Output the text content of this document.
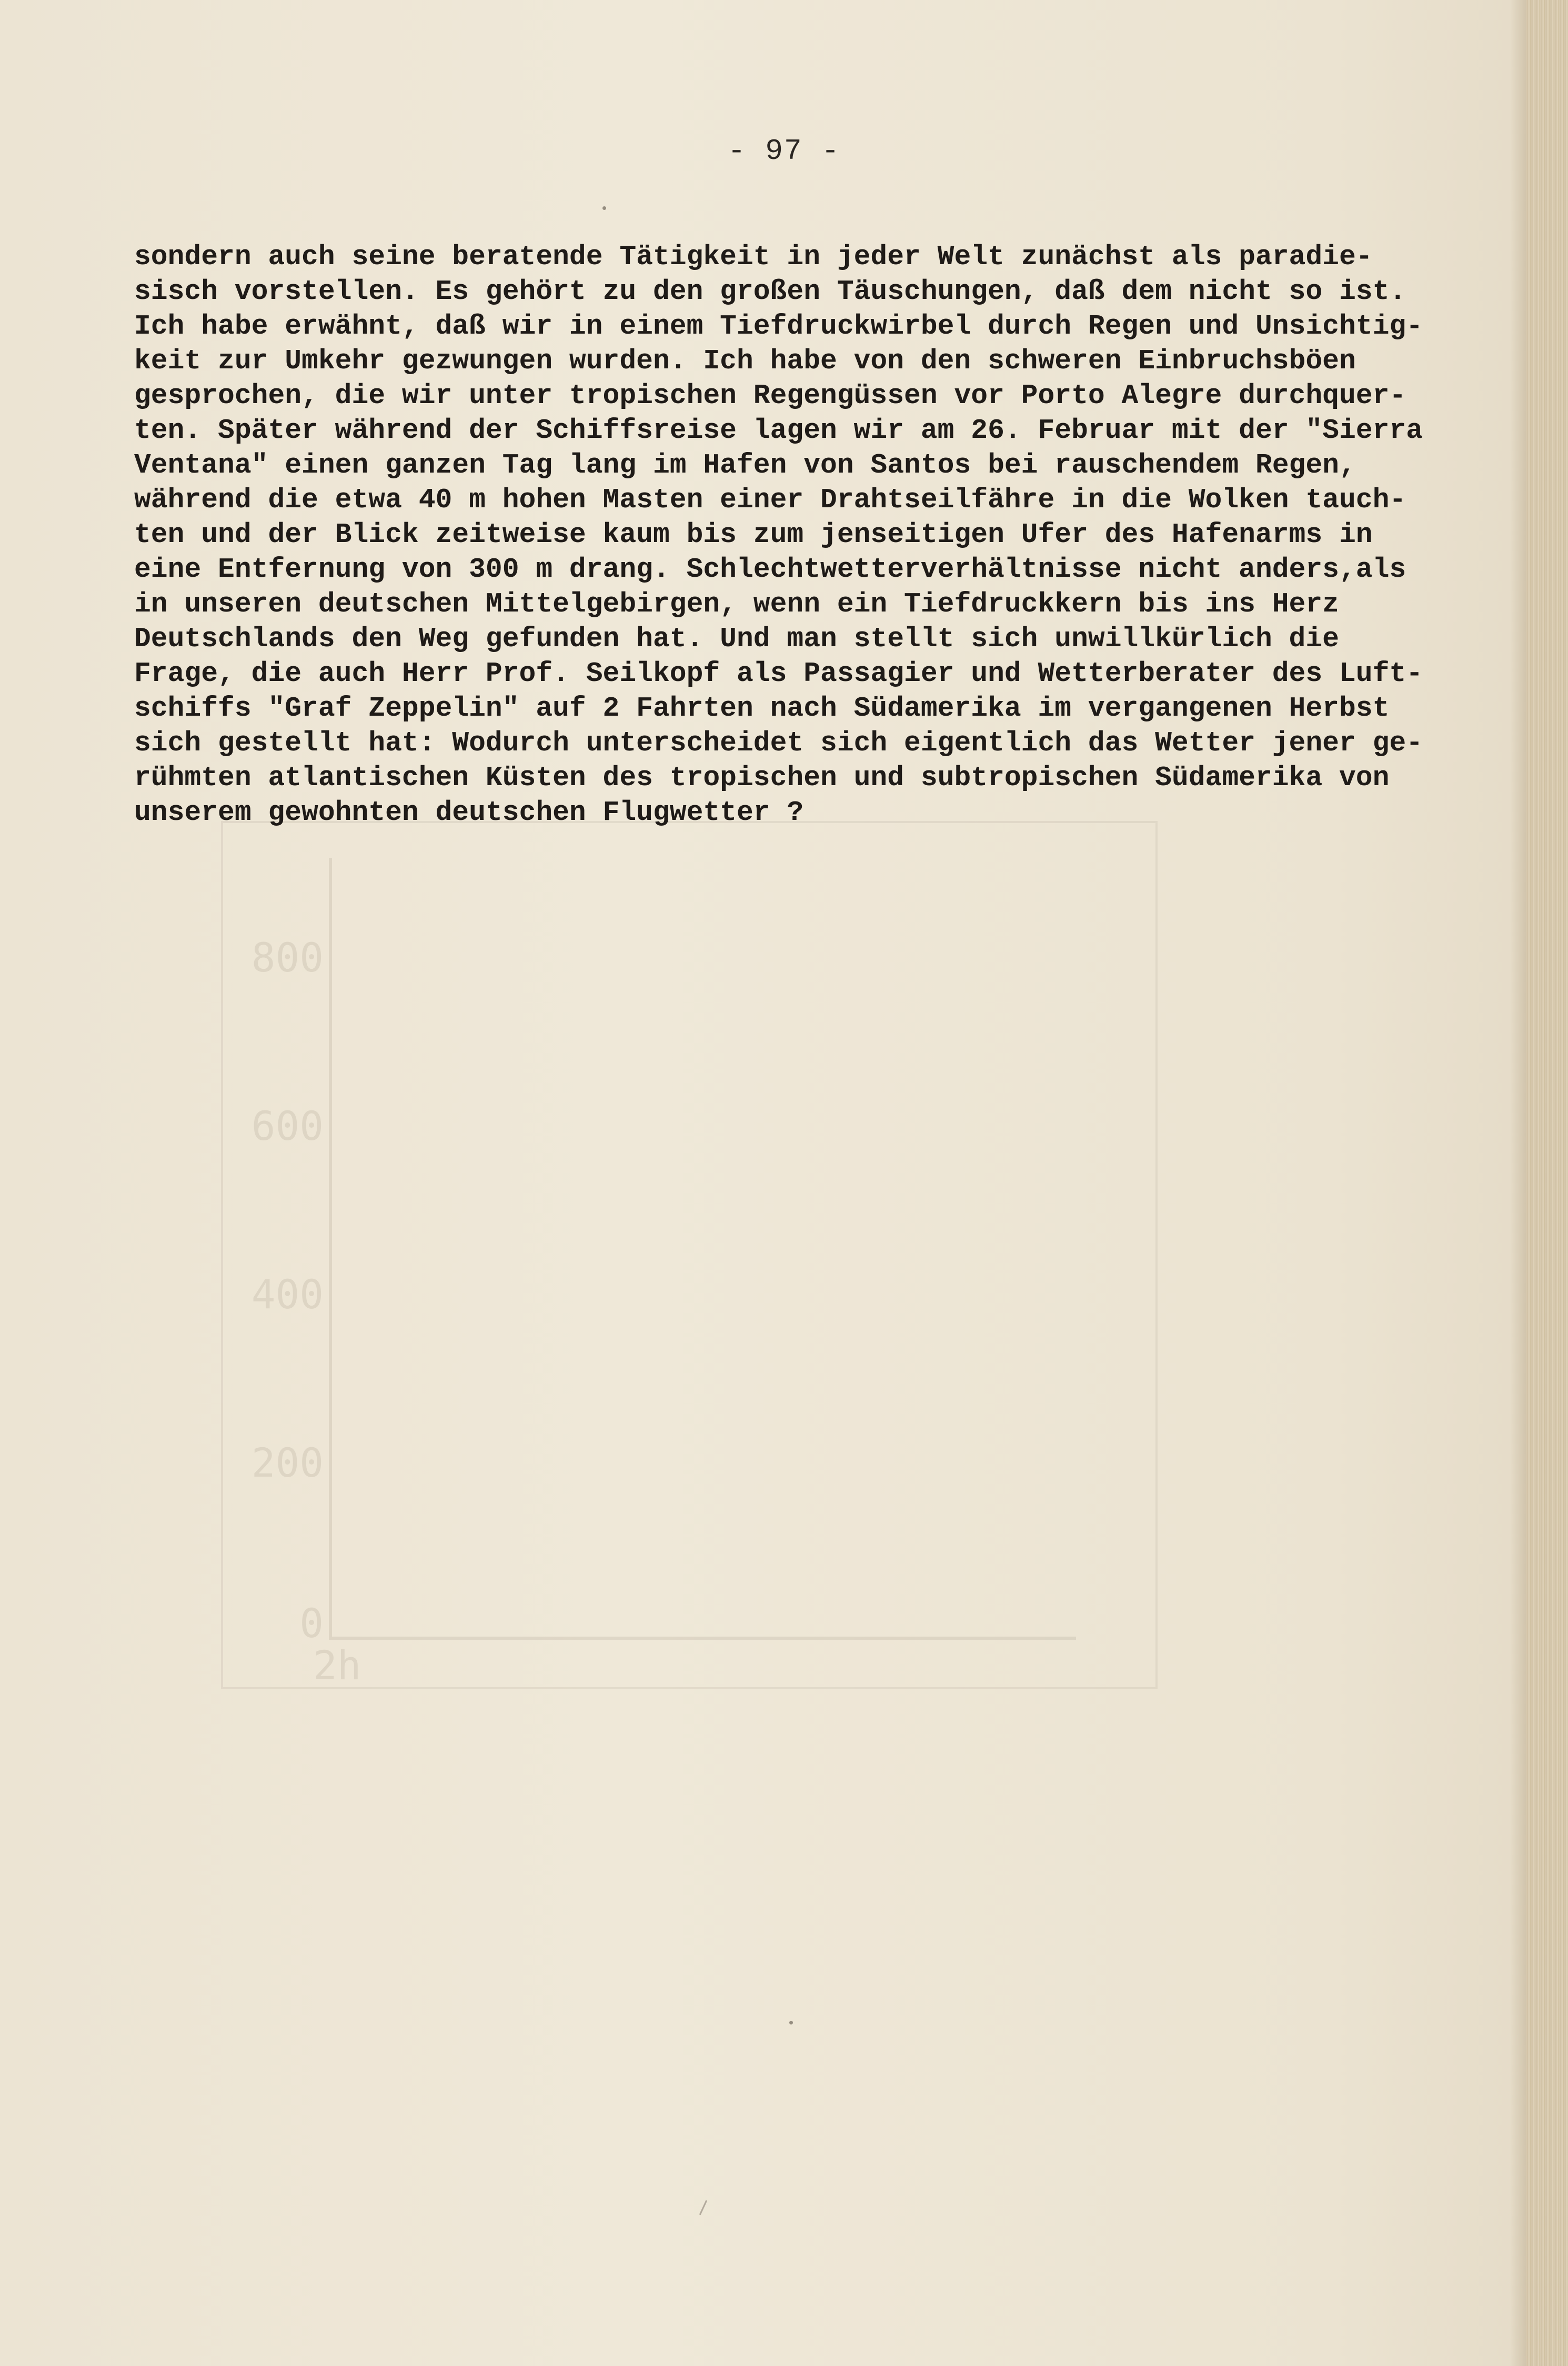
800
600
400
200
0
2h
- 97 -
sondern auch seine beratende Tätigkeit in jeder Welt zunächst als paradie-
sisch vorstellen. Es gehört zu den großen Täuschungen, daß dem nicht so ist.
Ich habe erwähnt, daß wir in einem Tiefdruckwirbel durch Regen und Unsichtig-
keit zur Umkehr gezwungen wurden. Ich habe von den schweren Einbruchsböen
gesprochen, die wir unter tropischen Regengüssen vor Porto Alegre durchquer-
ten. Später während der Schiffsreise lagen wir am 26. Februar mit der "Sierra
Ventana" einen ganzen Tag lang im Hafen von Santos bei rauschendem Regen,
während die etwa 40 m hohen Masten einer Drahtseilfähre in die Wolken tauch-
ten und der Blick zeitweise kaum bis zum jenseitigen Ufer des Hafenarms in
eine Entfernung von 300 m drang. Schlechtwetterverhältnisse nicht anders,als
in unseren deutschen Mittelgebirgen, wenn ein Tiefdruckkern bis ins Herz
Deutschlands den Weg gefunden hat. Und man stellt sich unwillkürlich die
Frage, die auch Herr Prof. Seilkopf als Passagier und Wetterberater des Luft-
schiffs "Graf Zeppelin" auf 2 Fahrten nach Südamerika im vergangenen Herbst
sich gestellt hat: Wodurch unterscheidet sich eigentlich das Wetter jener ge-
rühmten atlantischen Küsten des tropischen und subtropischen Südamerika von
unserem gewohnten deutschen Flugwetter ?
